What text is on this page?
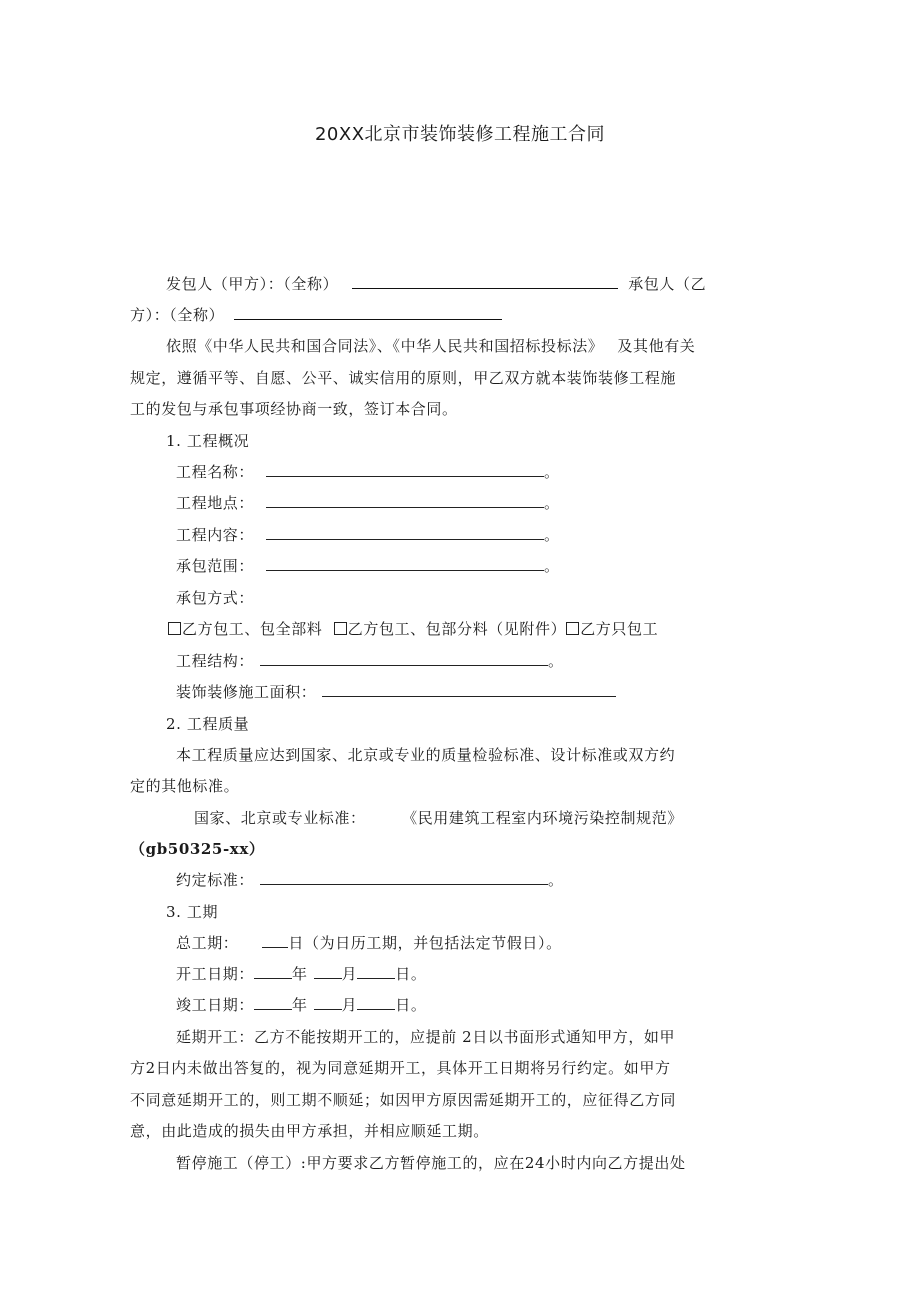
20XX北京市装饰装修工程施工合同
发包人（甲方）：（全称）	承包人（乙
方）：（全称）
依照《中华人民共和国合同法》、《中华人民共和国招标投标法》 及其他有关
规定，遵循平等、自愿、公平、诚实信用的原则，甲乙双方就本装饰装修工程施
工的发包与承包事项经协商一致，签订本合同。
1. 工程概况
工程名称：	。
工程地点：	。
工程内容：	。
承包范围：	。
承包方式：
乙方包工、包全部料 乙方包工、包部分料（见附件） 乙方只包工
工程结构：	。
装饰装修施工面积：
2. 工程质量
本工程质量应达到国家、北京或专业的质量检验标准、设计标准或双方约
定的其他标准。
国家、北京或专业标准：	《民用建筑工程室内环境污染控制规范》
（gb50325-xx）
约定标准：	。
3. 工期
总工期：	日（为日历工期，并包括法定节假日）。
开工日期：	年 月	日。
竣工日期：	年 月	日。
延期开工：乙方不能按期开工的，应提前 2日以书面形式通知甲方，如甲
方2日内未做出答复的，视为同意延期开工，具体开工日期将另行约定。如甲方
不同意延期开工的，则工期不顺延；如因甲方原因需延期开工的，应征得乙方同
意，由此造成的损失由甲方承担，并相应顺延工期。
暂停施工（停工）:甲方要求乙方暂停施工的，应在24小时内向乙方提出处
